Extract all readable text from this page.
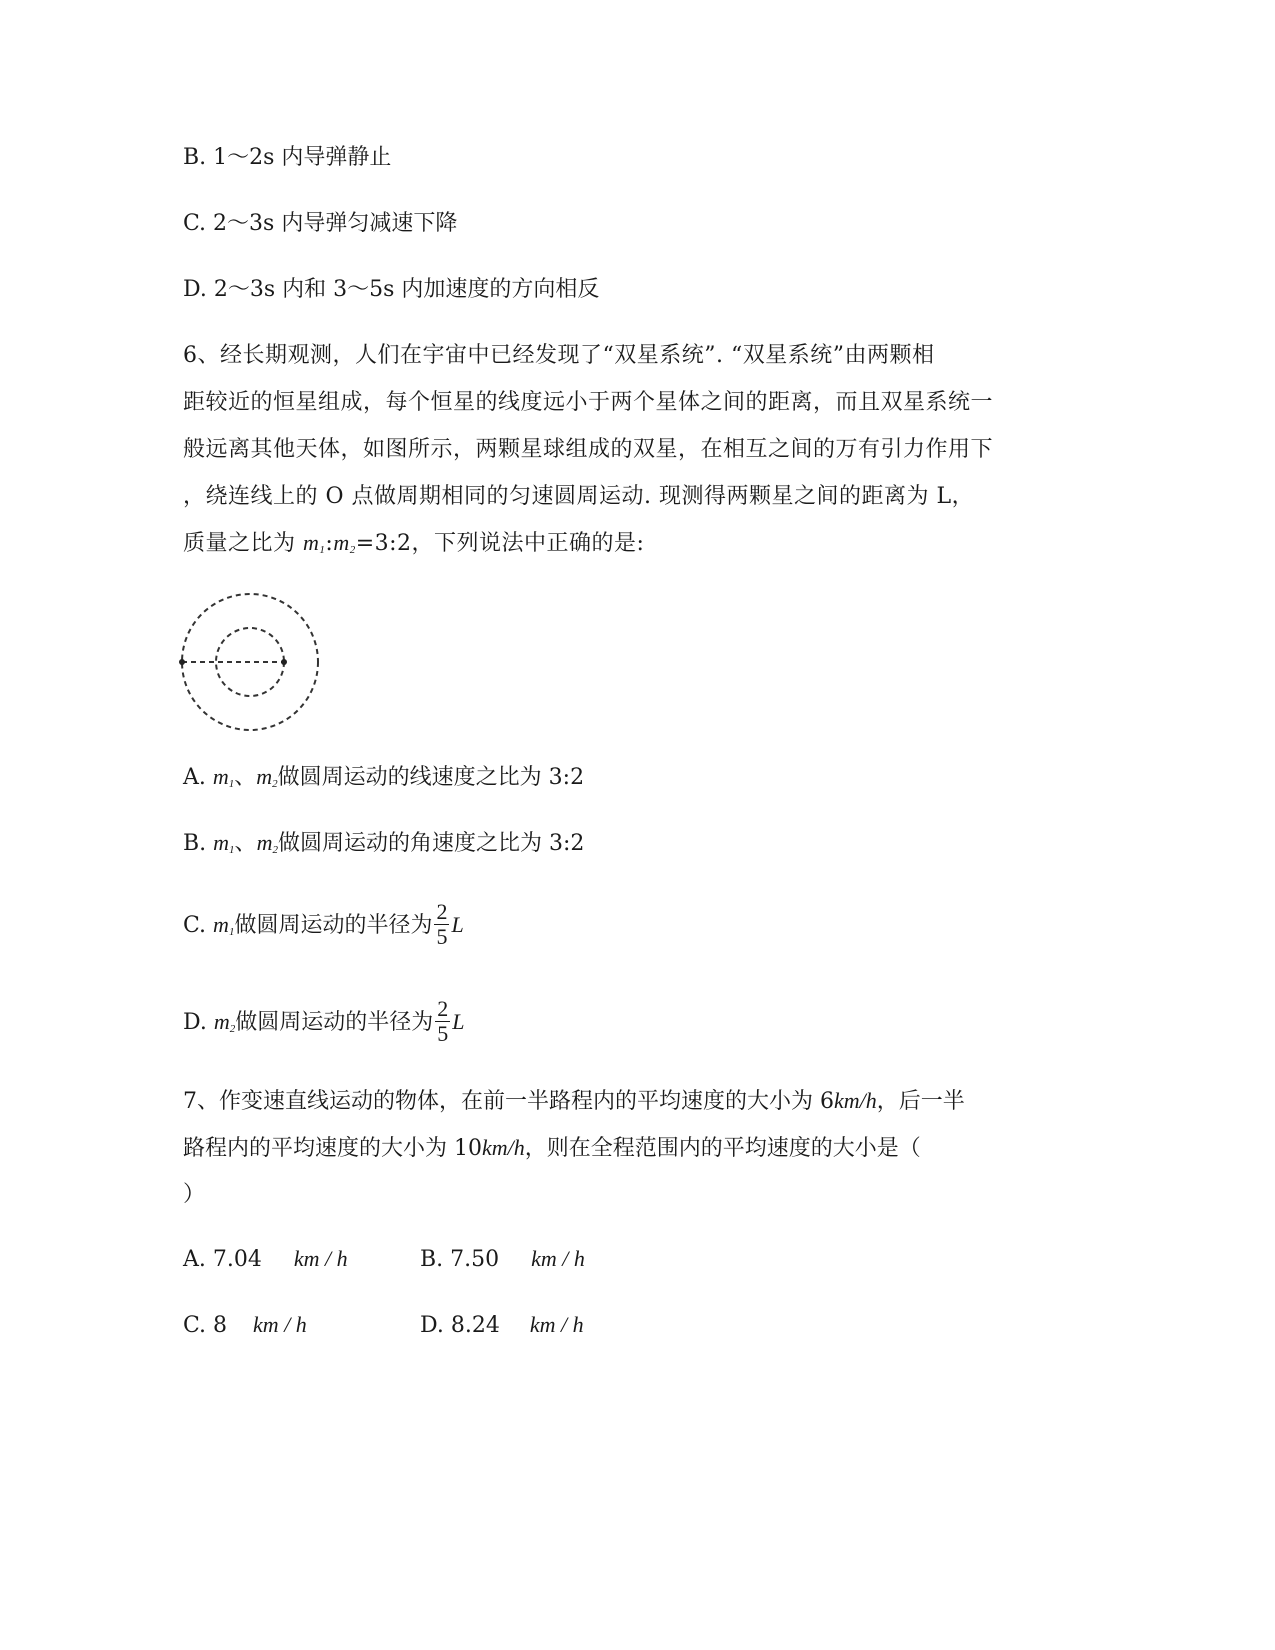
B. 1～2s 内导弹静止
C. 2～3s 内导弹匀减速下降
D. 2～3s 内和 3～5s 内加速度的方向相反
6、经长期观测，人们在宇宙中已经发现了“双星系统”. “双星系统”由两颗相
距较近的恒星组成，每个恒星的线度远小于两个星体之间的距离，而且双星系统一
般远离其他天体，如图所示，两颗星球组成的双星，在相互之间的万有引力作用下
，绕连线上的 O 点做周期相同的匀速圆周运动. 现测得两颗星之间的距离为 L，
质量之比为 $m_1:m_2=3:2$，下列说法中正确的是:
A. $m_1$、$m_2$做圆周运动的线速度之比为 3:2
B. $m_1$、$m_2$做圆周运动的角速度之比为 3:2
C. $m_1$做圆周运动的半径为 $\frac{2}{5}$ L
D. $m_2$做圆周运动的半径为 $\frac{2}{5}$ L
7、作变速直线运动的物体，在前一半路程内的平均速度的大小为 6km/h，后一半
路程内的平均速度的大小为 10km/h，则在全程范围内的平均速度的大小是（
）
A. 7.04 km / h	B. 7.50 km / h
C. 8 km / h	D. 8.24 km / h
